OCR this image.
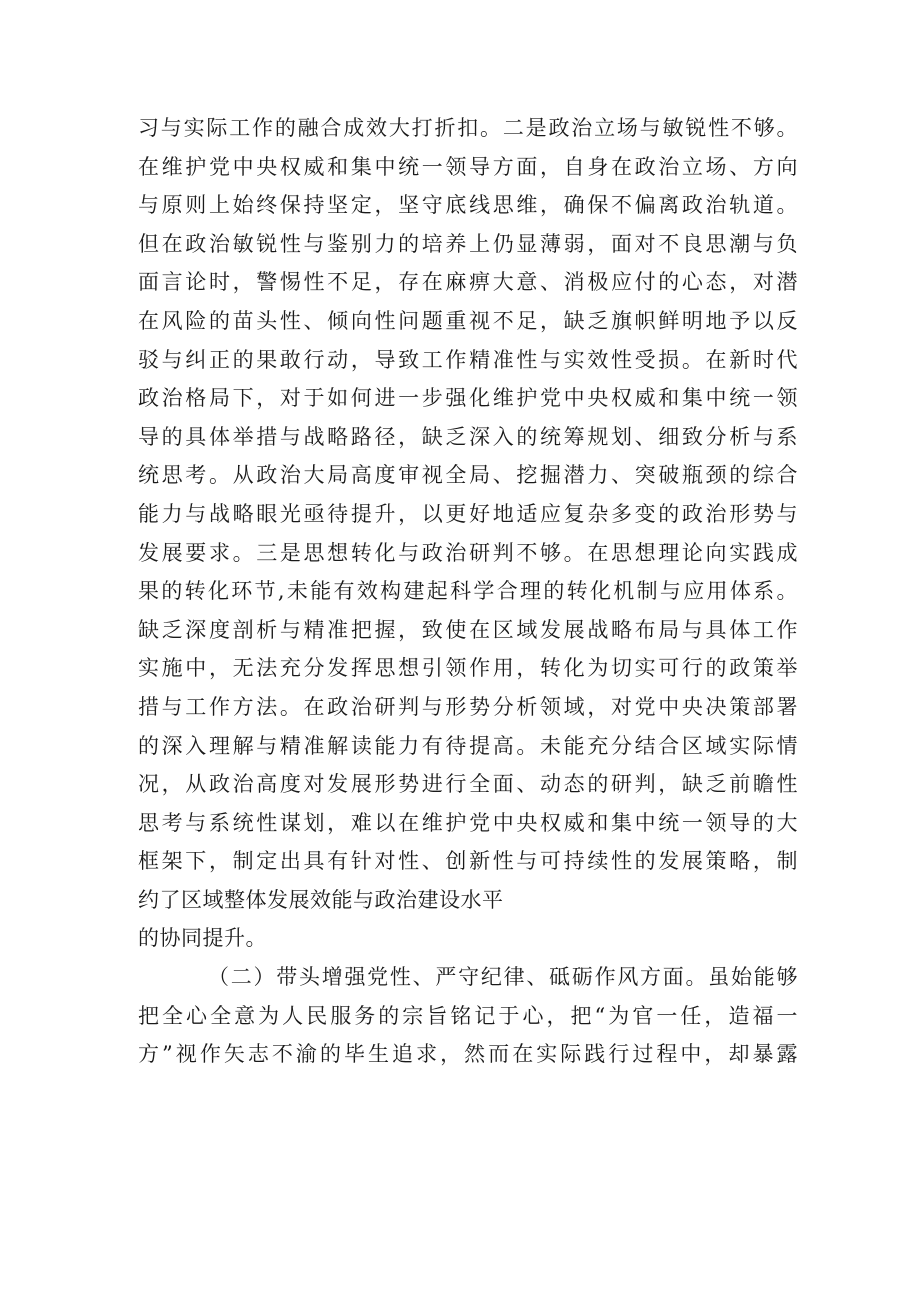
习与实际工作的融合成效大打折扣。二是政治立场与敏锐性不够。
在维护党中央权威和集中统一领导方面，自身在政治立场、方向
与原则上始终保持坚定，坚守底线思维，确保不偏离政治轨道。
但在政治敏锐性与鉴别力的培养上仍显薄弱，面对不良思潮与负
面言论时，警惕性不足，存在麻痹大意、消极应付的心态，对潜
在风险的苗头性、倾向性问题重视不足，缺乏旗帜鲜明地予以反
驳与纠正的果敢行动，导致工作精准性与实效性受损。在新时代
政治格局下，对于如何进一步强化维护党中央权威和集中统一领
导的具体举措与战略路径，缺乏深入的统筹规划、细致分析与系
统思考。从政治大局高度审视全局、挖掘潜力、突破瓶颈的综合
能力与战略眼光亟待提升，以更好地适应复杂多变的政治形势与
发展要求。三是思想转化与政治研判不够。在思想理论向实践成
果的转化环节,未能有效构建起科学合理的转化机制与应用体系。
缺乏深度剖析与精准把握，致使在区域发展战略布局与具体工作
实施中，无法充分发挥思想引领作用，转化为切实可行的政策举
措与工作方法。在政治研判与形势分析领域，对党中央决策部署
的深入理解与精准解读能力有待提高。未能充分结合区域实际情
况，从政治高度对发展形势进行全面、动态的研判，缺乏前瞻性
思考与系统性谋划，难以在维护党中央权威和集中统一领导的大
框架下，制定出具有针对性、创新性与可持续性的发展策略，制
约了区域整体发展效能与政治建设水平
的协同提升。
（二）带头增强党性、严守纪律、砥砺作风方面。虽始能够
把全心全意为人民服务的宗旨铭记于心，把“为官一任，造福一
方”视作矢志不渝的毕生追求，然而在实际践行过程中，却暴露
